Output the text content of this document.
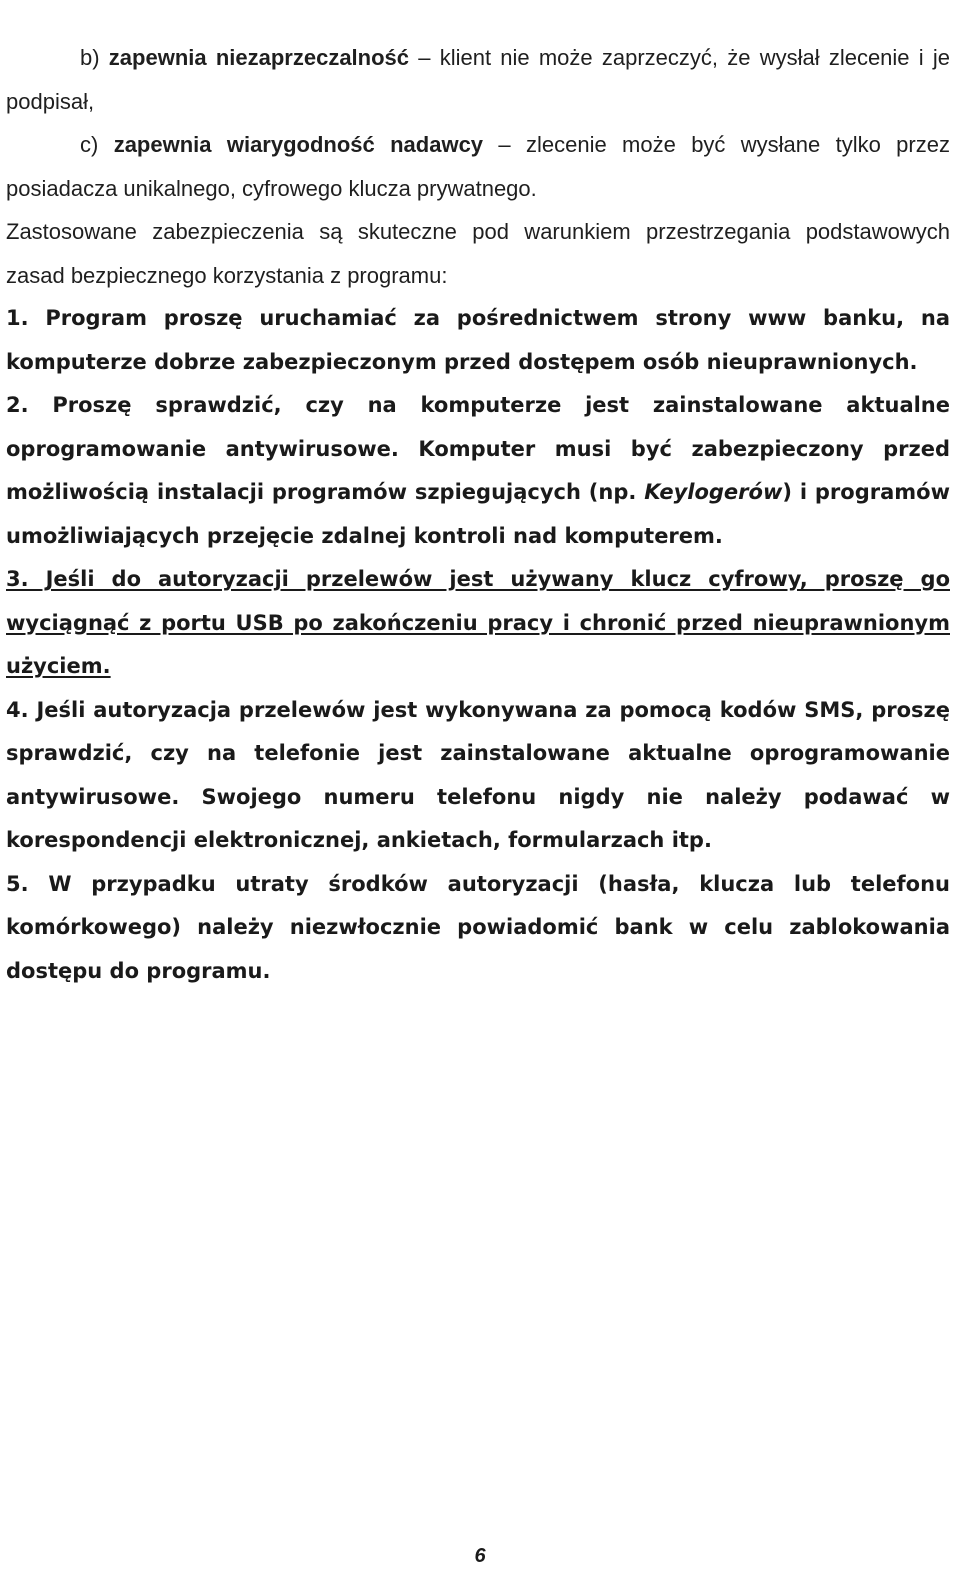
b) zapewnia niezaprzeczalność – klient nie może zaprzeczyć, że wysłał zlecenie i je podpisał,

c) zapewnia wiarygodność nadawcy – zlecenie może być wysłane tylko przez posiadacza unikalnego, cyfrowego klucza prywatnego.

Zastosowane zabezpieczenia są skuteczne pod warunkiem przestrzegania podstawowych zasad bezpiecznego korzystania z programu:

1. Program proszę uruchamiać za pośrednictwem strony www banku, na komputerze dobrze zabezpieczonym przed dostępem osób nieuprawnionych.

2. Proszę sprawdzić, czy na komputerze jest zainstalowane aktualne oprogramowanie antywirusowe. Komputer musi być zabezpieczony przed możliwością instalacji programów szpiegujących (np. Keylogerów) i programów umożliwiających przejęcie zdalnej kontroli nad komputerem.

3. Jeśli do autoryzacji przelewów jest używany klucz cyfrowy, proszę go wyciągnąć z portu USB po zakończeniu pracy i chronić przed nieuprawnionym użyciem.

4. Jeśli autoryzacja przelewów jest wykonywana za pomocą kodów SMS, proszę sprawdzić, czy na telefonie jest zainstalowane aktualne oprogramowanie antywirusowe. Swojego numeru telefonu nigdy nie należy podawać w korespondencji elektronicznej, ankietach, formularzach itp.

5. W przypadku utraty środków autoryzacji (hasła, klucza lub telefonu komórkowego) należy niezwłocznie powiadomić bank w celu zablokowania dostępu do programu.

6
